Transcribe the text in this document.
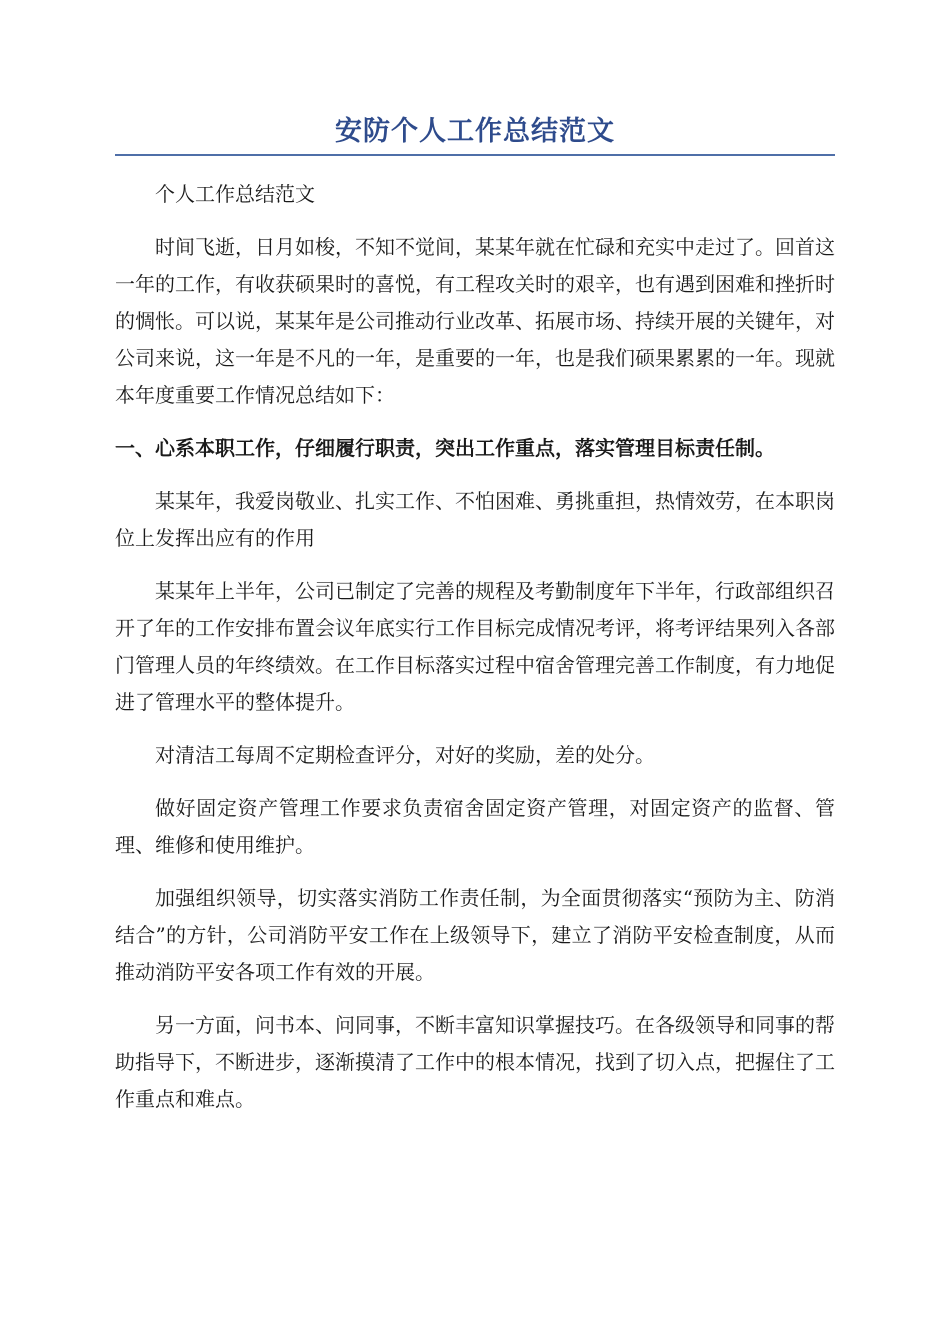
安防个人工作总结范文

个人工作总结范文

时间飞逝，日月如梭，不知不觉间，某某年就在忙碌和充实中走过了。回首这一年的工作，有收获硕果时的喜悦，有工程攻关时的艰辛，也有遇到困难和挫折时的惆怅。可以说，某某年是公司推动行业改革、拓展市场、持续开展的关键年，对公司来说，这一年是不凡的一年，是重要的一年，也是我们硕果累累的一年。现就本年度重要工作情况总结如下：

一、心系本职工作，仔细履行职责，突出工作重点，落实管理目标责任制。

某某年，我爱岗敬业、扎实工作、不怕困难、勇挑重担，热情效劳，在本职岗位上发挥出应有的作用

某某年上半年，公司已制定了完善的规程及考勤制度年下半年，行政部组织召开了年的工作安排布置会议年底实行工作目标完成情况考评，将考评结果列入各部门管理人员的年终绩效。在工作目标落实过程中宿舍管理完善工作制度，有力地促进了管理水平的整体提升。

对清洁工每周不定期检查评分，对好的奖励，差的处分。

做好固定资产管理工作要求负责宿舍固定资产管理，对固定资产的监督、管理、维修和使用维护。

加强组织领导，切实落实消防工作责任制，为全面贯彻落实“预防为主、防消结合”的方针，公司消防平安工作在上级领导下，建立了消防平安检查制度，从而推动消防平安各项工作有效的开展。

另一方面，问书本、问同事，不断丰富知识掌握技巧。在各级领导和同事的帮助指导下，不断进步，逐渐摸清了工作中的根本情况，找到了切入点，把握住了工作重点和难点。
